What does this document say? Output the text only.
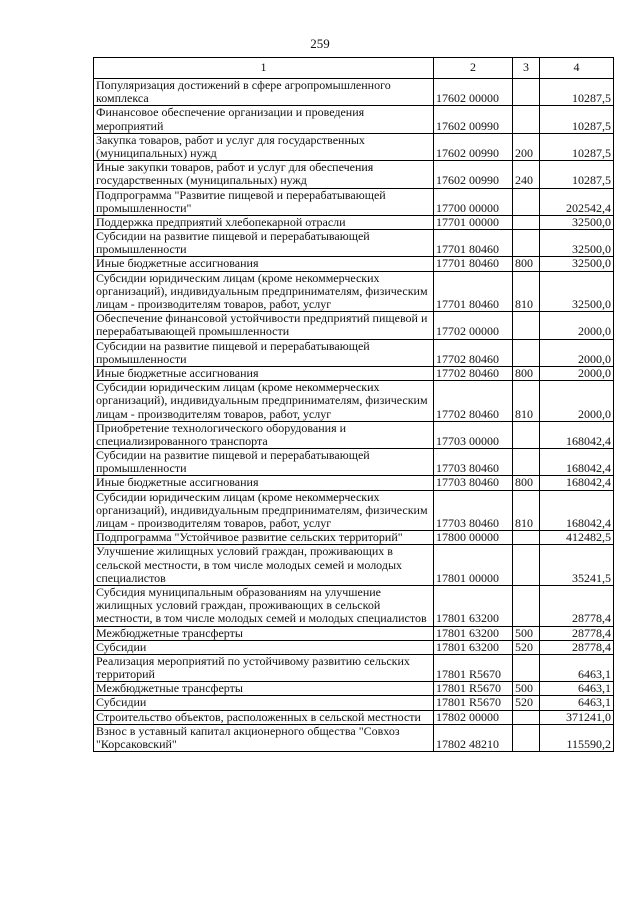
259
1	2	3	4
Популяризация достижений в сфере агропромышленного комплекса	17602 00000		10287,5
Финансовое обеспечение организации и проведения мероприятий	17602 00990		10287,5
Закупка товаров, работ и услуг для государственных (муниципальных) нужд	17602 00990	200	10287,5
Иные закупки товаров, работ и услуг для обеспечения государственных (муниципальных) нужд	17602 00990	240	10287,5
Подпрограмма "Развитие пищевой и перерабатывающей промышленности"	17700 00000		202542,4
Поддержка предприятий хлебопекарной отрасли	17701 00000		32500,0
Субсидии на развитие пищевой и перерабатывающей промышленности	17701 80460		32500,0
Иные бюджетные ассигнования	17701 80460	800	32500,0
Субсидии юридическим лицам (кроме некоммерческих организаций), индивидуальным предпринимателям, физическим лицам - производителям товаров, работ, услуг	17701 80460	810	32500,0
Обеспечение финансовой устойчивости предприятий пищевой и перерабатывающей промышленности	17702 00000		2000,0
Субсидии на развитие пищевой и перерабатывающей промышленности	17702 80460		2000,0
Иные бюджетные ассигнования	17702 80460	800	2000,0
Субсидии юридическим лицам (кроме некоммерческих организаций), индивидуальным предпринимателям, физическим лицам - производителям товаров, работ, услуг	17702 80460	810	2000,0
Приобретение технологического оборудования и специализированного транспорта	17703 00000		168042,4
Субсидии на развитие пищевой и перерабатывающей промышленности	17703 80460		168042,4
Иные бюджетные ассигнования	17703 80460	800	168042,4
Субсидии юридическим лицам (кроме некоммерческих организаций), индивидуальным предпринимателям, физическим лицам - производителям товаров, работ, услуг	17703 80460	810	168042,4
Подпрограмма "Устойчивое развитие сельских территорий"	17800 00000		412482,5
Улучшение жилищных условий граждан, проживающих в сельской местности, в том числе молодых семей и молодых специалистов	17801 00000		35241,5
Субсидия муниципальным образованиям на улучшение жилищных условий граждан, проживающих в сельской местности, в том числе молодых семей и молодых специалистов	17801 63200		28778,4
Межбюджетные трансферты	17801 63200	500	28778,4
Субсидии	17801 63200	520	28778,4
Реализация мероприятий по устойчивому развитию сельских территорий	17801 R5670		6463,1
Межбюджетные трансферты	17801 R5670	500	6463,1
Субсидии	17801 R5670	520	6463,1
Строительство объектов, расположенных в сельской местности	17802 00000		371241,0
Взнос в уставный капитал акционерного общества "Совхоз "Корсаковский"	17802 48210		115590,2
